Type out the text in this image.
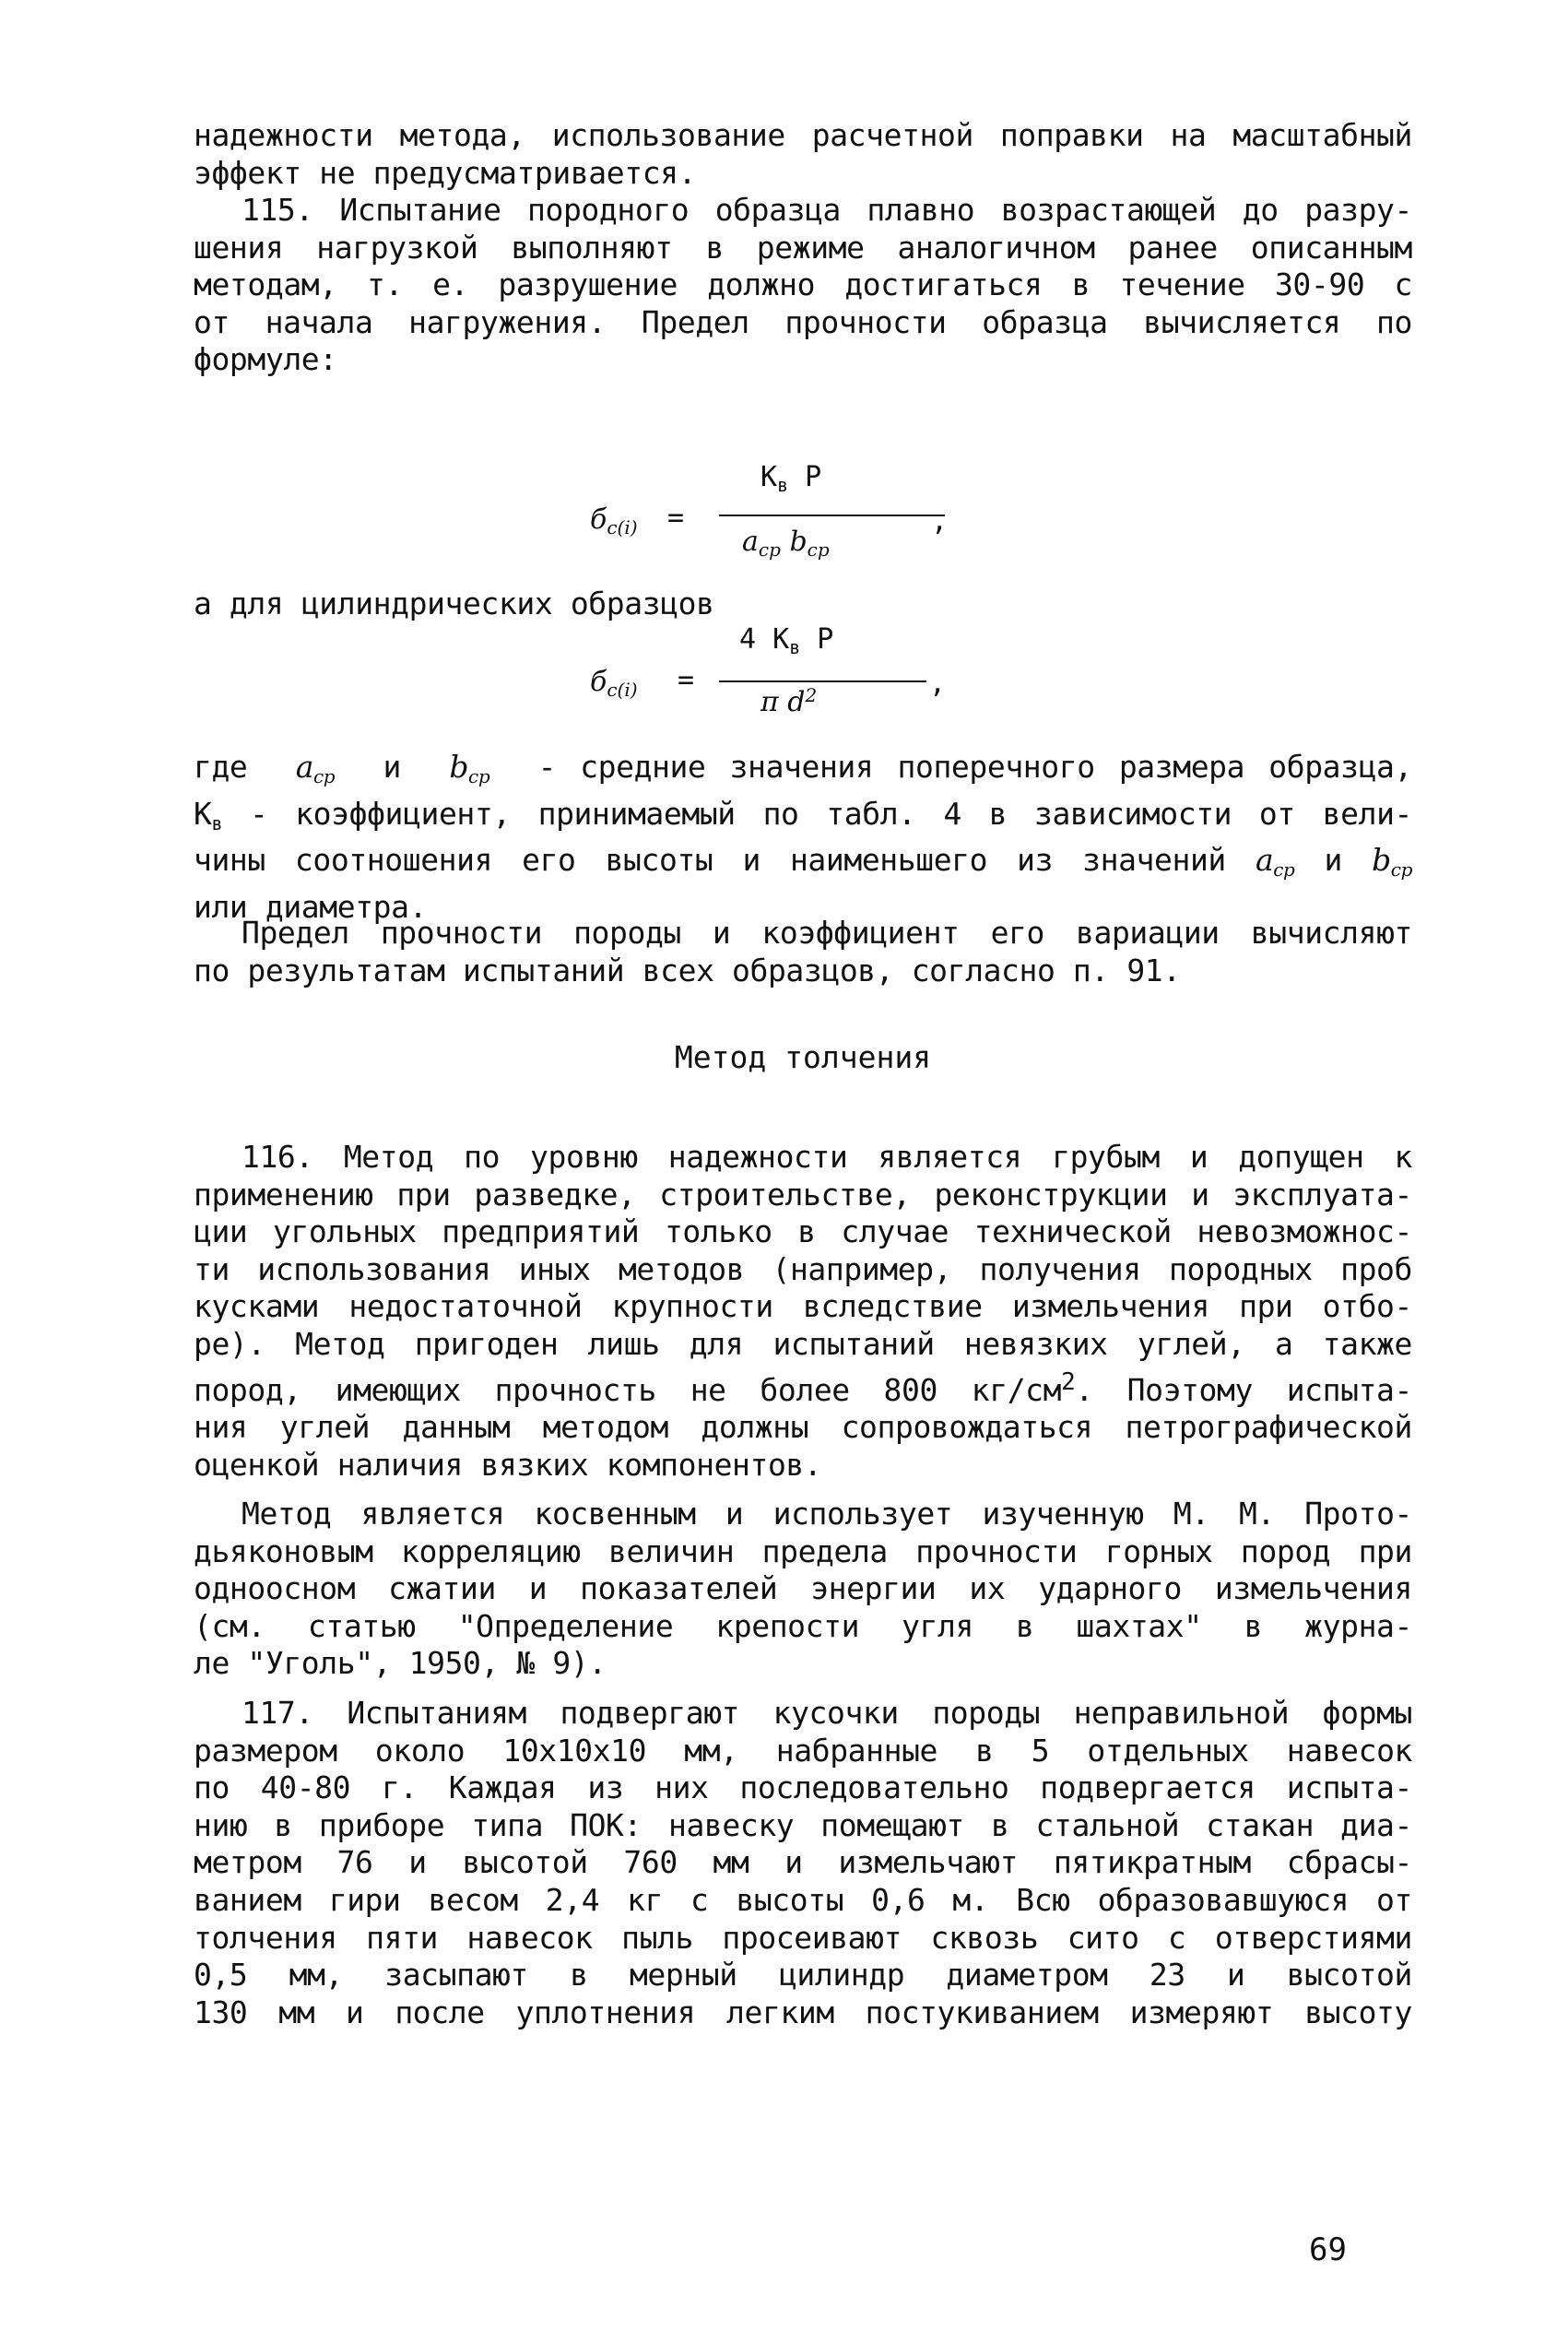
надежности метода, использование расчетной поправки на масштабный
эффект не предусматривается.
115. Испытание породного образца плавно возрастающей до разру-
шения нагрузкой выполняют в режиме аналогичном ранее описанным
методам, т. е. разрушение должно достигаться в течение 30-90 с
от начала нагружения. Предел прочности образца вычисляется по
формуле:
$б_{с(i)}$ =
$К_в$ Р
$а_{ср}$ $b_{ср}$
,
а для цилиндрических образцов
$б_{с(i)}$ =
4 $К_в$ Р
π $d^2$	,
где $а_{ср}$ и $b_{ср}$ - средние значения поперечного размера образца,
$К_в$ - коэффициент, принимаемый по табл. 4 в зависимости от вели-
чины соотношения его высоты и наименьшего из значений $а_{ср}$ и $b_{ср}$
или диаметра.
Предел прочности породы и коэффициент его вариации вычисляют
по результатам испытаний всех образцов, согласно п. 91.
Метод толчения
116. Метод по уровню надежности является грубым и допущен к
применению при разведке, строительстве, реконструкции и эксплуата-
ции угольных предприятий только в случае технической невозможнос-
ти использования иных методов (например, получения породных проб
кусками недостаточной крупности вследствие измельчения при отбо-
ре). Метод пригоден лишь для испытаний невязких углей, а также
пород, имеющих прочность не более 800 $кг/см^2$. Поэтому испыта-
ния углей данным методом должны сопровождаться петрографической
оценкой наличия вязких компонентов.
Метод является косвенным и использует изученную М. М. Прото-
дьяконовым корреляцию величин предела прочности горных пород при
одноосном сжатии и показателей энергии их ударного измельчения
(см. статью "Определение крепости угля в шахтах" в журна-
ле "Уголь", 1950, № 9).
117. Испытаниям подвергают кусочки породы неправильной формы
размером около 10х10х10 мм, набранные в 5 отдельных навесок
по 40-80 г. Каждая из них последовательно подвергается испыта-
нию в приборе типа ПОК: навеску помещают в стальной стакан диа-
метром 76 и высотой 760 мм и измельчают пятикратным сбрасы-
ванием гири весом 2,4 кг с высоты 0,6 м. Всю образовавшуюся от
толчения пяти навесок пыль просеивают сквозь сито с отверстиями
0,5 мм, засыпают в мерный цилиндр диаметром 23 и высотой
130 мм и после уплотнения легким постукиванием измеряют высоту
69
